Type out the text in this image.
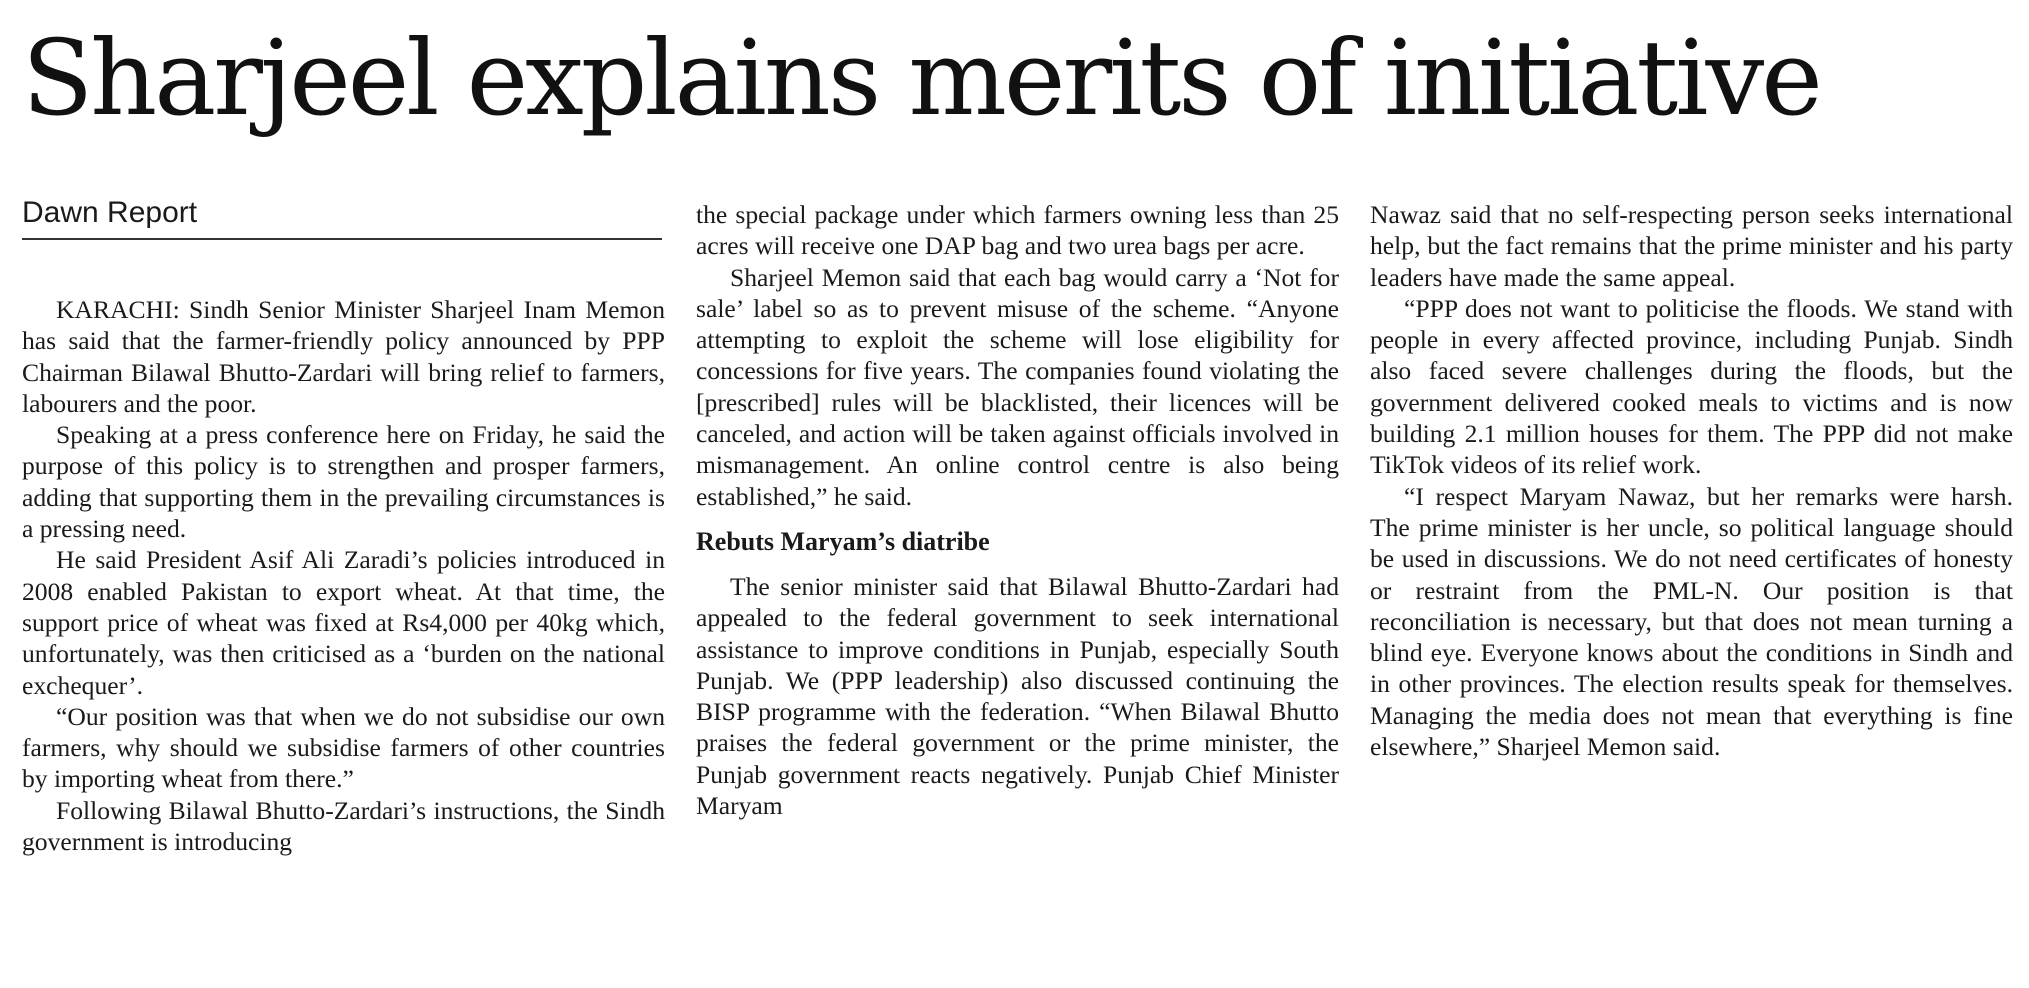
Sharjeel explains merits of initiative
Dawn Report

KARACHI: Sindh Senior Minister Sharjeel Inam Memon has said that the farmer-friendly policy announced by PPP Chairman Bilawal Bhutto-Zardari will bring relief to farmers, labourers and the poor.

Speaking at a press conference here on Friday, he said the purpose of this policy is to strengthen and prosper farmers, adding that supporting them in the prevailing circumstances is a pressing need.

He said President Asif Ali Zaradi’s policies introduced in 2008 enabled Pakistan to export wheat. At that time, the support price of wheat was fixed at Rs4,000 per 40kg which, unfortunately, was then criticised as a ‘burden on the national exchequer’.

“Our position was that when we do not subsidise our own farmers, why should we subsidise farmers of other countries by importing wheat from there.”

Following Bilawal Bhutto-Zardari’s instructions, the Sindh government is introducing

the special package under which farmers owning less than 25 acres will receive one DAP bag and two urea bags per acre.

Sharjeel Memon said that each bag would carry a ‘Not for sale’ label so as to prevent misuse of the scheme. “Anyone attempting to exploit the scheme will lose eligibility for concessions for five years. The companies found violating the [prescribed] rules will be blacklisted, their licences will be canceled, and action will be taken against officials involved in mismanagement. An online control centre is also being established,” he said.

Rebuts Maryam’s diatribe

The senior minister said that Bilawal Bhutto-Zardari had appealed to the federal government to seek international assistance to improve conditions in Punjab, especially South Punjab. We (PPP leadership) also discussed continuing the BISP programme with the federation. “When Bilawal Bhutto praises the federal government or the prime minister, the Punjab government reacts negatively. Punjab Chief Minister Maryam

Nawaz said that no self-respecting person seeks international help, but the fact remains that the prime minister and his party leaders have made the same appeal.

“PPP does not want to politicise the floods. We stand with people in every affected province, including Punjab. Sindh also faced severe challenges during the floods, but the government delivered cooked meals to victims and is now building 2.1 million houses for them. The PPP did not make TikTok videos of its relief work.

“I respect Maryam Nawaz, but her remarks were harsh. The prime minister is her uncle, so political language should be used in discussions. We do not need certificates of honesty or restraint from the PML-N. Our position is that reconciliation is necessary, but that does not mean turning a blind eye. Everyone knows about the conditions in Sindh and in other provinces. The election results speak for themselves. Managing the media does not mean that everything is fine elsewhere,” Sharjeel Memon said.
